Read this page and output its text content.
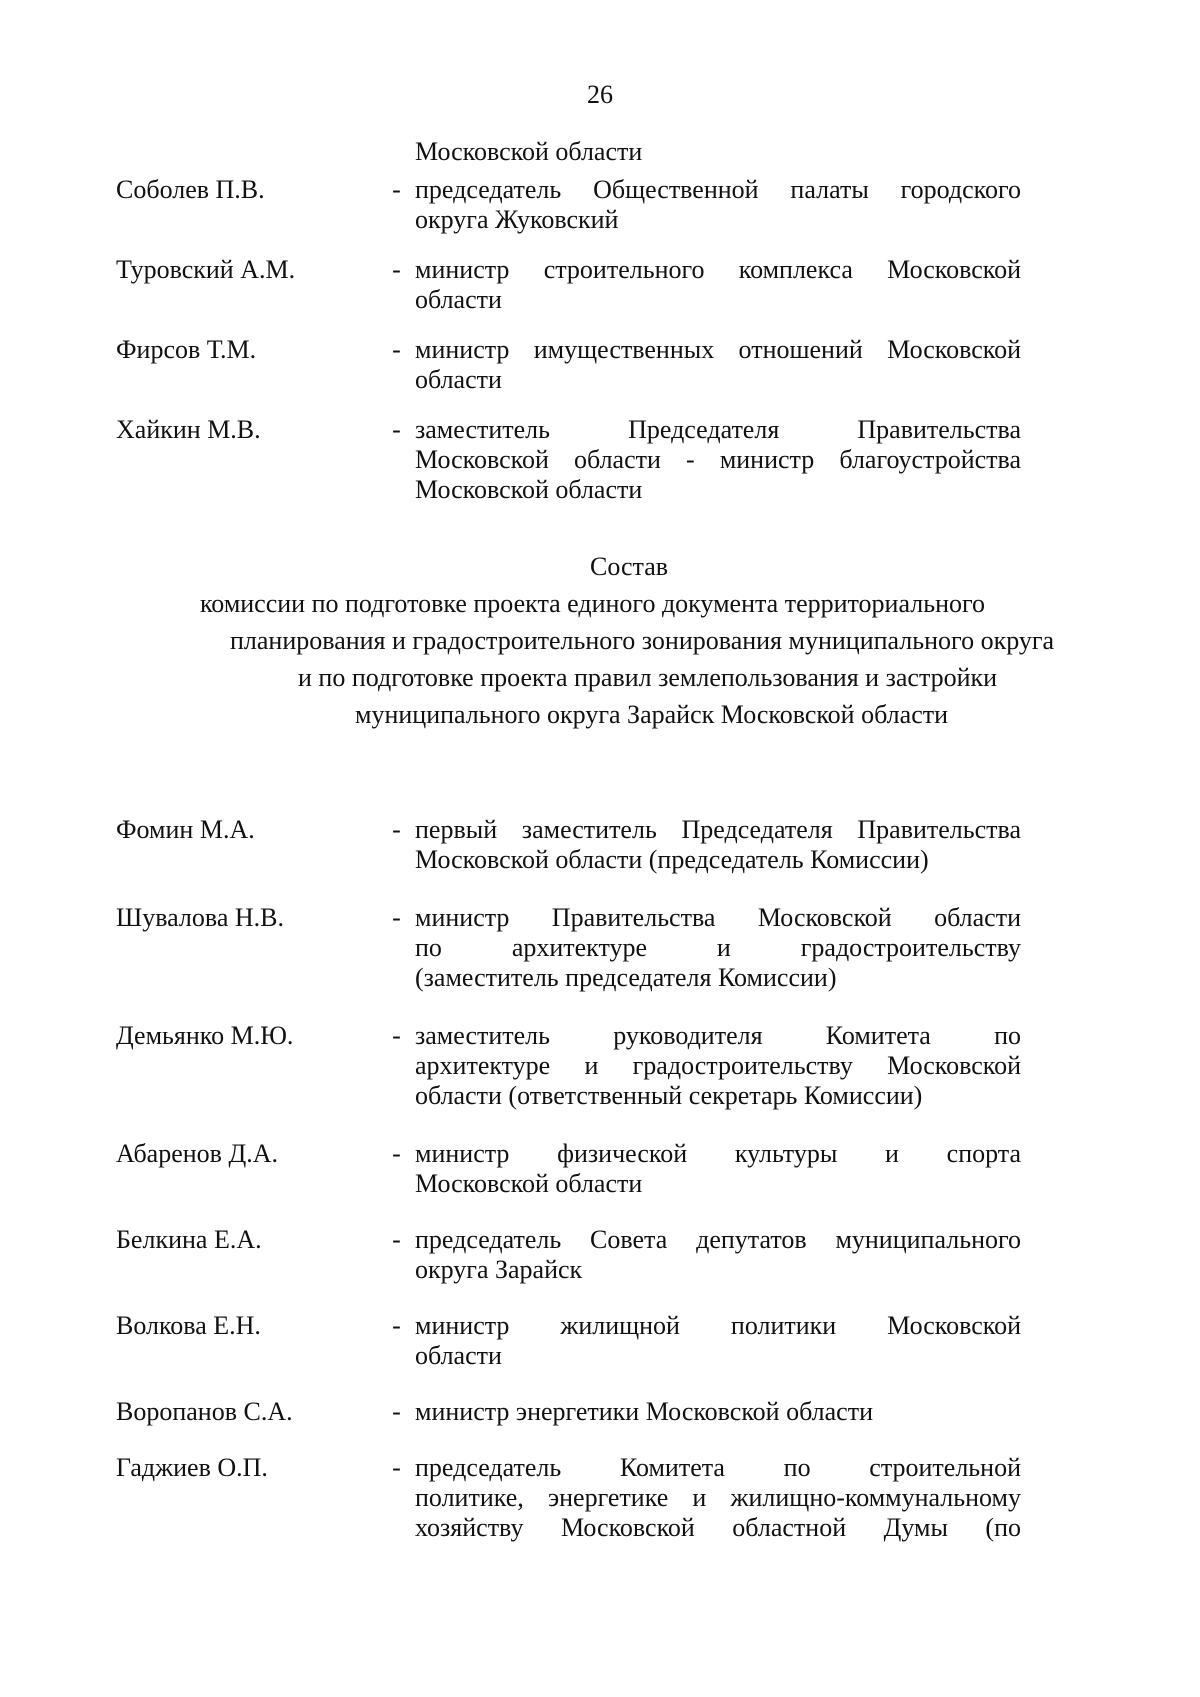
26
Московской области
Соболев П.В.	- председатель Общественной палаты городского
округа Жуковский
Туровский А.М.	- министр строительного комплекса Московской
области
Фирсов Т.М.	- министр имущественных отношений Московской
области
Хайкин М.В.	- заместитель Председателя Правительства
Московской области - министр благоустройства
Московской области
Состав
комиссии по подготовке проекта единого документа территориального
планирования и градостроительного зонирования муниципального округа
и по подготовке проекта правил землепользования и застройки
муниципального округа Зарайск Московской области
Фомин М.А.	- первый заместитель Председателя Правительства
Московской области (председатель Комиссии)
Шувалова Н.В.	- министр Правительства Московской области
по архитектуре и градостроительству
(заместитель председателя Комиссии)
Демьянко М.Ю.	- заместитель руководителя Комитета по
архитектуре и градостроительству Московской
области (ответственный секретарь Комиссии)
Абаренов Д.А.	- министр физической культуры и спорта
Московской области
Белкина Е.А.	- председатель Совета депутатов муниципального
округа Зарайск
Волкова Е.Н.	- министр жилищной политики Московской
области
Воропанов С.А.	- министр энергетики Московской области
Гаджиев О.П.	- председатель Комитета по строительной
политике, энергетике и жилищно-коммунальному
хозяйству Московской областной Думы (по
